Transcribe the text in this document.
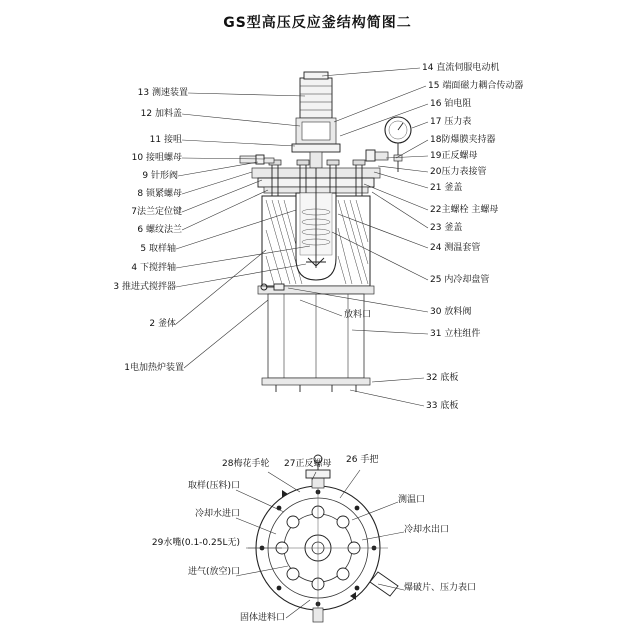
GS型高压反应釜结构简图二
13 测速装置
12 加料盖
11 接咀
10 接咀螺母
9 针形阀
8 锁紧螺母
7法兰定位键
6 螺纹法兰
5 取样轴
4 下搅拌轴
3 推进式搅拌器
2 釜体
1电加热炉装置
14 直流伺服电动机
15 端面磁力耦合传动器
16 铂电阻
17 压力表
18防爆膜夹持器
19正反螺母
20压力表接管
21 釜盖
22主螺栓 主螺母
23 釜盖
24 测温套管
25 内冷却盘管
30 放料阀
31 立柱组件
32 底板
33 底板
放料口
28梅花手轮 27正反螺母 26 手把
取样(压料)口
冷却水进口
29水嘴(0.1-0.25L无)
进气(放空)口
测温口
冷却水出口
爆破片、压力表口
固体进料口
